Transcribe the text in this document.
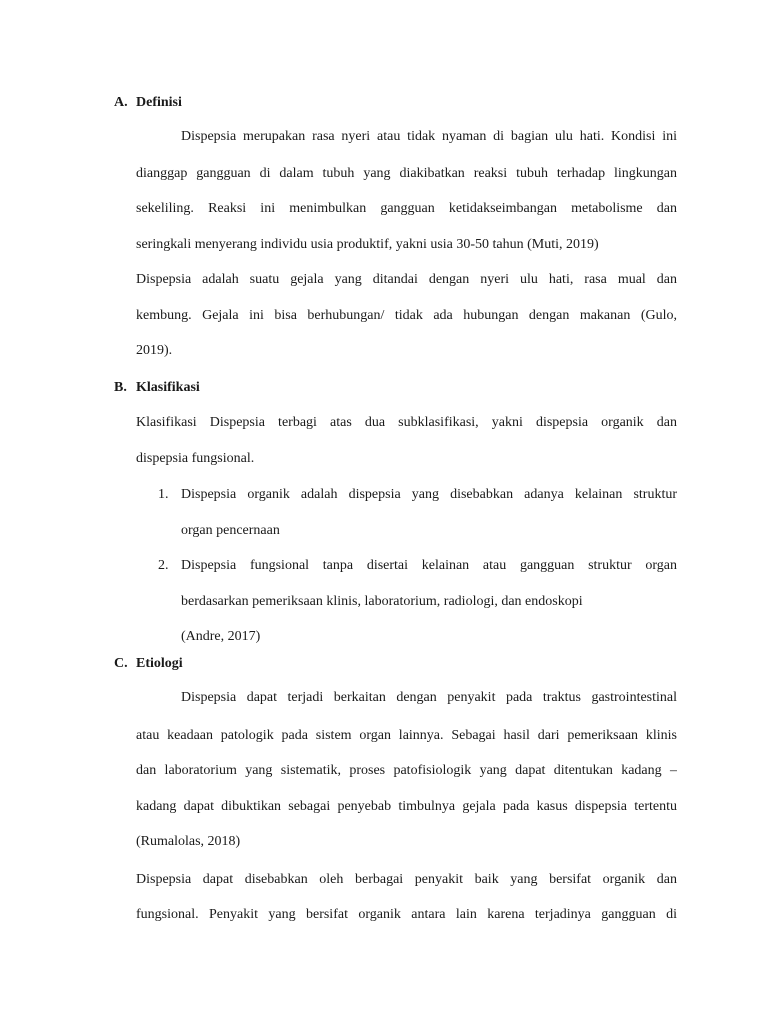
A. Definisi
Dispepsia merupakan rasa nyeri atau tidak nyaman di bagian ulu hati. Kondisi ini
dianggap gangguan di dalam tubuh yang diakibatkan reaksi tubuh terhadap lingkungan
sekeliling. Reaksi ini menimbulkan gangguan ketidakseimbangan metabolisme dan
seringkali menyerang individu usia produktif, yakni usia 30-50 tahun (Muti, 2019)
Dispepsia adalah suatu gejala yang ditandai dengan nyeri ulu hati, rasa mual dan
kembung. Gejala ini bisa berhubungan/ tidak ada hubungan dengan makanan (Gulo,
2019).
B. Klasifikasi
Klasifikasi Dispepsia terbagi atas dua subklasifikasi, yakni dispepsia organik dan
dispepsia fungsional.
1. Dispepsia organik adalah dispepsia yang disebabkan adanya kelainan struktur
organ pencernaan
2. Dispepsia fungsional tanpa disertai kelainan atau gangguan struktur organ
berdasarkan pemeriksaan klinis, laboratorium, radiologi, dan endoskopi
(Andre, 2017)
C. Etiologi
Dispepsia dapat terjadi berkaitan dengan penyakit pada traktus gastrointestinal
atau keadaan patologik pada sistem organ lainnya. Sebagai hasil dari pemeriksaan klinis
dan laboratorium yang sistematik, proses patofisiologik yang dapat ditentukan kadang –
kadang dapat dibuktikan sebagai penyebab timbulnya gejala pada kasus dispepsia tertentu
(Rumalolas, 2018)
Dispepsia dapat disebabkan oleh berbagai penyakit baik yang bersifat organik dan
fungsional. Penyakit yang bersifat organik antara lain karena terjadinya gangguan di
